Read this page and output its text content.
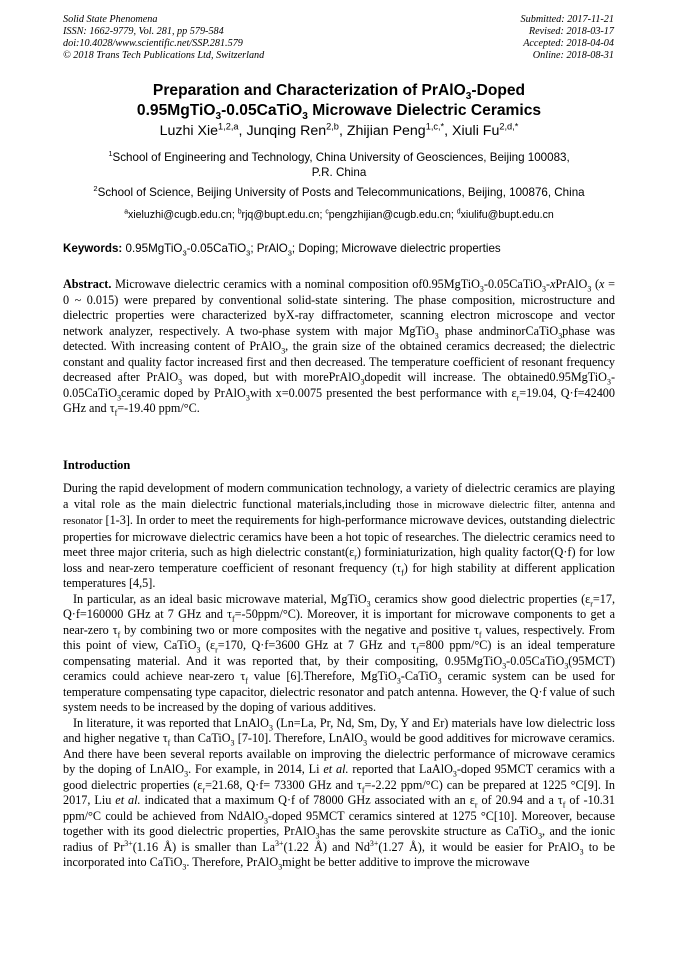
Solid State Phenomena
ISSN: 1662-9779, Vol. 281, pp 579-584
doi:10.4028/www.scientific.net/SSP.281.579
© 2018 Trans Tech Publications Ltd, Switzerland
Submitted: 2017-11-21
Revised: 2018-03-17
Accepted: 2018-04-04
Online: 2018-08-31
Preparation and Characterization of PrAlO$_3$-Doped
0.95MgTiO$_3$-0.05CaTiO$_3$ Microwave Dielectric Ceramics
Luzhi Xie$^{1,2,a}$, Junqing Ren$^{2,b}$, Zhijian Peng$^{1,c,*}$, Xiuli $Fu^{2,d,*}$
$^1$School of Engineering and Technology, China University of Geosciences, Beijing 100083,
P.R. China
$^2$School of Science, Beijing University of Posts and Telecommunications, Beijing, 100876, China
$^a$xieluzhi@cugb.edu.cn; $^b$rjq@bupt.edu.cn; $^c$pengzhijian@cugb.edu.cn; $^d$xiulifu@bupt.edu.cn
Keywords: 0.95MgTiO$_3$-0.05CaTiO$_3$; PrAlO$_3$; Doping; Microwave dielectric properties
Abstract. Microwave dielectric ceramics with a nominal composition of0.95MgTiO$_3$-0.05CaTiO$_3$-xPrAlO$_3$ (x = 0 ~ 0.015) were prepared by conventional solid-state sintering. The phase composition, microstructure and dielectric properties were characterized byX-ray diffractometer, scanning electron microscope and vector network analyzer, respectively. A two-phase system with major MgTiO$_3$ phase andminorCaTiO$_3$phase was detected. With increasing content of PrAlO$_3$, the grain size of the obtained ceramics decreased; the dielectric constant and quality factor increased first and then decreased. The temperature coefficient of resonant frequency decreased after PrAlO$_3$ was doped, but with morePrAlO$_3$dopedit will increase. The obtained0.95MgTiO$_3$-0.05CaTiO$_3$ceramic doped by PrAlO$_3$with x=0.0075 presented the best performance with $\varepsilon_r=19.04$, Q·f=42400 GHz and $\tau_f=-19.40$ ppm/°C.
Introduction

During the rapid development of modern communication technology, a variety of dielectric ceramics are playing a vital role as the main dielectric functional materials,including those in microwave dielectric filter, antenna and resonator [1-3]. In order to meet the requirements for high-performance microwave devices, outstanding dielectric properties for microwave dielectric ceramics have been a hot topic of researches. The dielectric ceramics need to meet three major criteria, such as high dielectric $constant(\varepsilon_r)$ forminiaturization, high quality factor(Q·f) for low loss and near-zero temperature coefficient of resonant frequency $(\tau_f)$ for high stability at different application temperatures [4,5].

In particular, as an ideal basic microwave material, MgTiO$_3$ ceramics show good dielectric properties ($\varepsilon_r=17$, Q·f=160000 GHz at 7 GHz and $\tau_f=-50ppm/^\circ C$). Moreover, it is important for microwave components to get a near-zero $\tau_f$ by combining two or more composites with the negative and positive $\tau_f$ values, respectively. From this point of view, CaTiO$_3$ ($\varepsilon_r=170$, Q·f=3600 GHz at 7 GHz and $\tau_f=800$ ppm/°C) is an ideal temperature compensating material. And it was reported that, by their compositing, 0.95MgTiO$_3$-0.05CaTiO$_3$(95MCT) ceramics could achieve near-zero $\tau_f$ value [6].Therefore, MgTiO$_3$-CaTiO$_3$ ceramic system can be used for temperature compensating type capacitor, dielectric resonator and patch antenna. However, the Q·f value of such system needs to be increased by the doping of various additives.

In literature, it was reported that LnAlO$_3$ (Ln=La, Pr, Nd, Sm, Dy, Y and Er) materials have low dielectric loss and higher negative $\tau_f$ than CaTiO$_3$ [7-10]. Therefore, LnAlO$_3$ would be good additives for microwave ceramics. And there have been several reports available on improving the dielectric performance of microwave ceramics by the doping of LnAlO$_3$. For example, in 2014, Li et al. reported that LaAlO$_3$-doped 95MCT ceramics with a good dielectric properties ($\varepsilon_r=21.68$, Q·f= 73300 GHz and $\tau_f=-2.22$ ppm/°C) can be prepared at 1225 °C[9]. In 2017, Liu et al. indicated that a maximum Q·f of 78000 GHz associated with an $\varepsilon_r$ of 20.94 and a $\tau_f$ of -10.31 ppm/°C could be achieved from NdAlO$_3$-doped 95MCT ceramics sintered at 1275 °C[10]. Moreover, because together with its good dielectric properties, PrAlO$_3$has the same perovskite structure as CaTiO$_3$, and the ionic radius of $Pr^{3+}(1.16$ Å) is smaller than $La^{3+}(1.22$ Å) and $Nd^{3+}(1.27$ Å), it would be easier for PrAlO$_3$ to be incorporated into CaTiO$_3$. Therefore, PrAlO$_3$might be better additive to improve the microwave
